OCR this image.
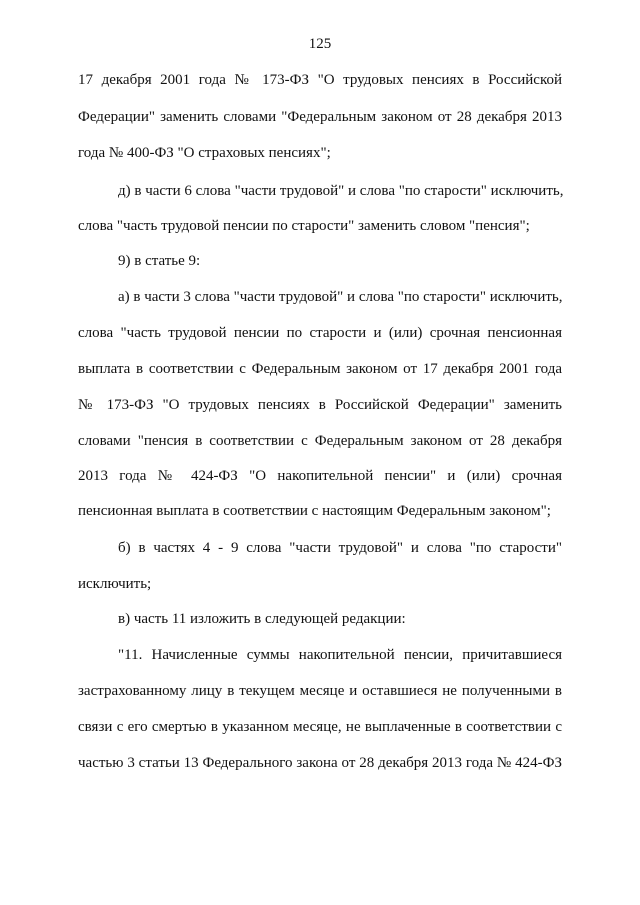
125
17 декабря 2001 года № 173-ФЗ "О трудовых пенсиях в Российской
Федерации" заменить словами "Федеральным законом от 28 декабря 2013
года № 400-ФЗ "О страховых пенсиях";
д) в части 6 слова "части трудовой" и слова "по старости" исключить,
слова "часть трудовой пенсии по старости" заменить словом "пенсия";
9) в статье 9:
а) в части 3 слова "части трудовой" и слова "по старости" исключить,
слова "часть трудовой пенсии по старости и (или) срочная пенсионная
выплата в соответствии с Федеральным законом от 17 декабря 2001 года
№ 173-ФЗ "О трудовых пенсиях в Российской Федерации" заменить
словами "пенсия в соответствии с Федеральным законом от 28 декабря
2013 года № 424-ФЗ "О накопительной пенсии" и (или) срочная
пенсионная выплата в соответствии с настоящим Федеральным законом";
б) в частях 4 - 9 слова "части трудовой" и слова "по старости"
исключить;
в) часть 11 изложить в следующей редакции:
"11. Начисленные суммы накопительной пенсии, причитавшиеся
застрахованному лицу в текущем месяце и оставшиеся не полученными в
связи с его смертью в указанном месяце, не выплаченные в соответствии с
частью 3 статьи 13 Федерального закона от 28 декабря 2013 года № 424-ФЗ
